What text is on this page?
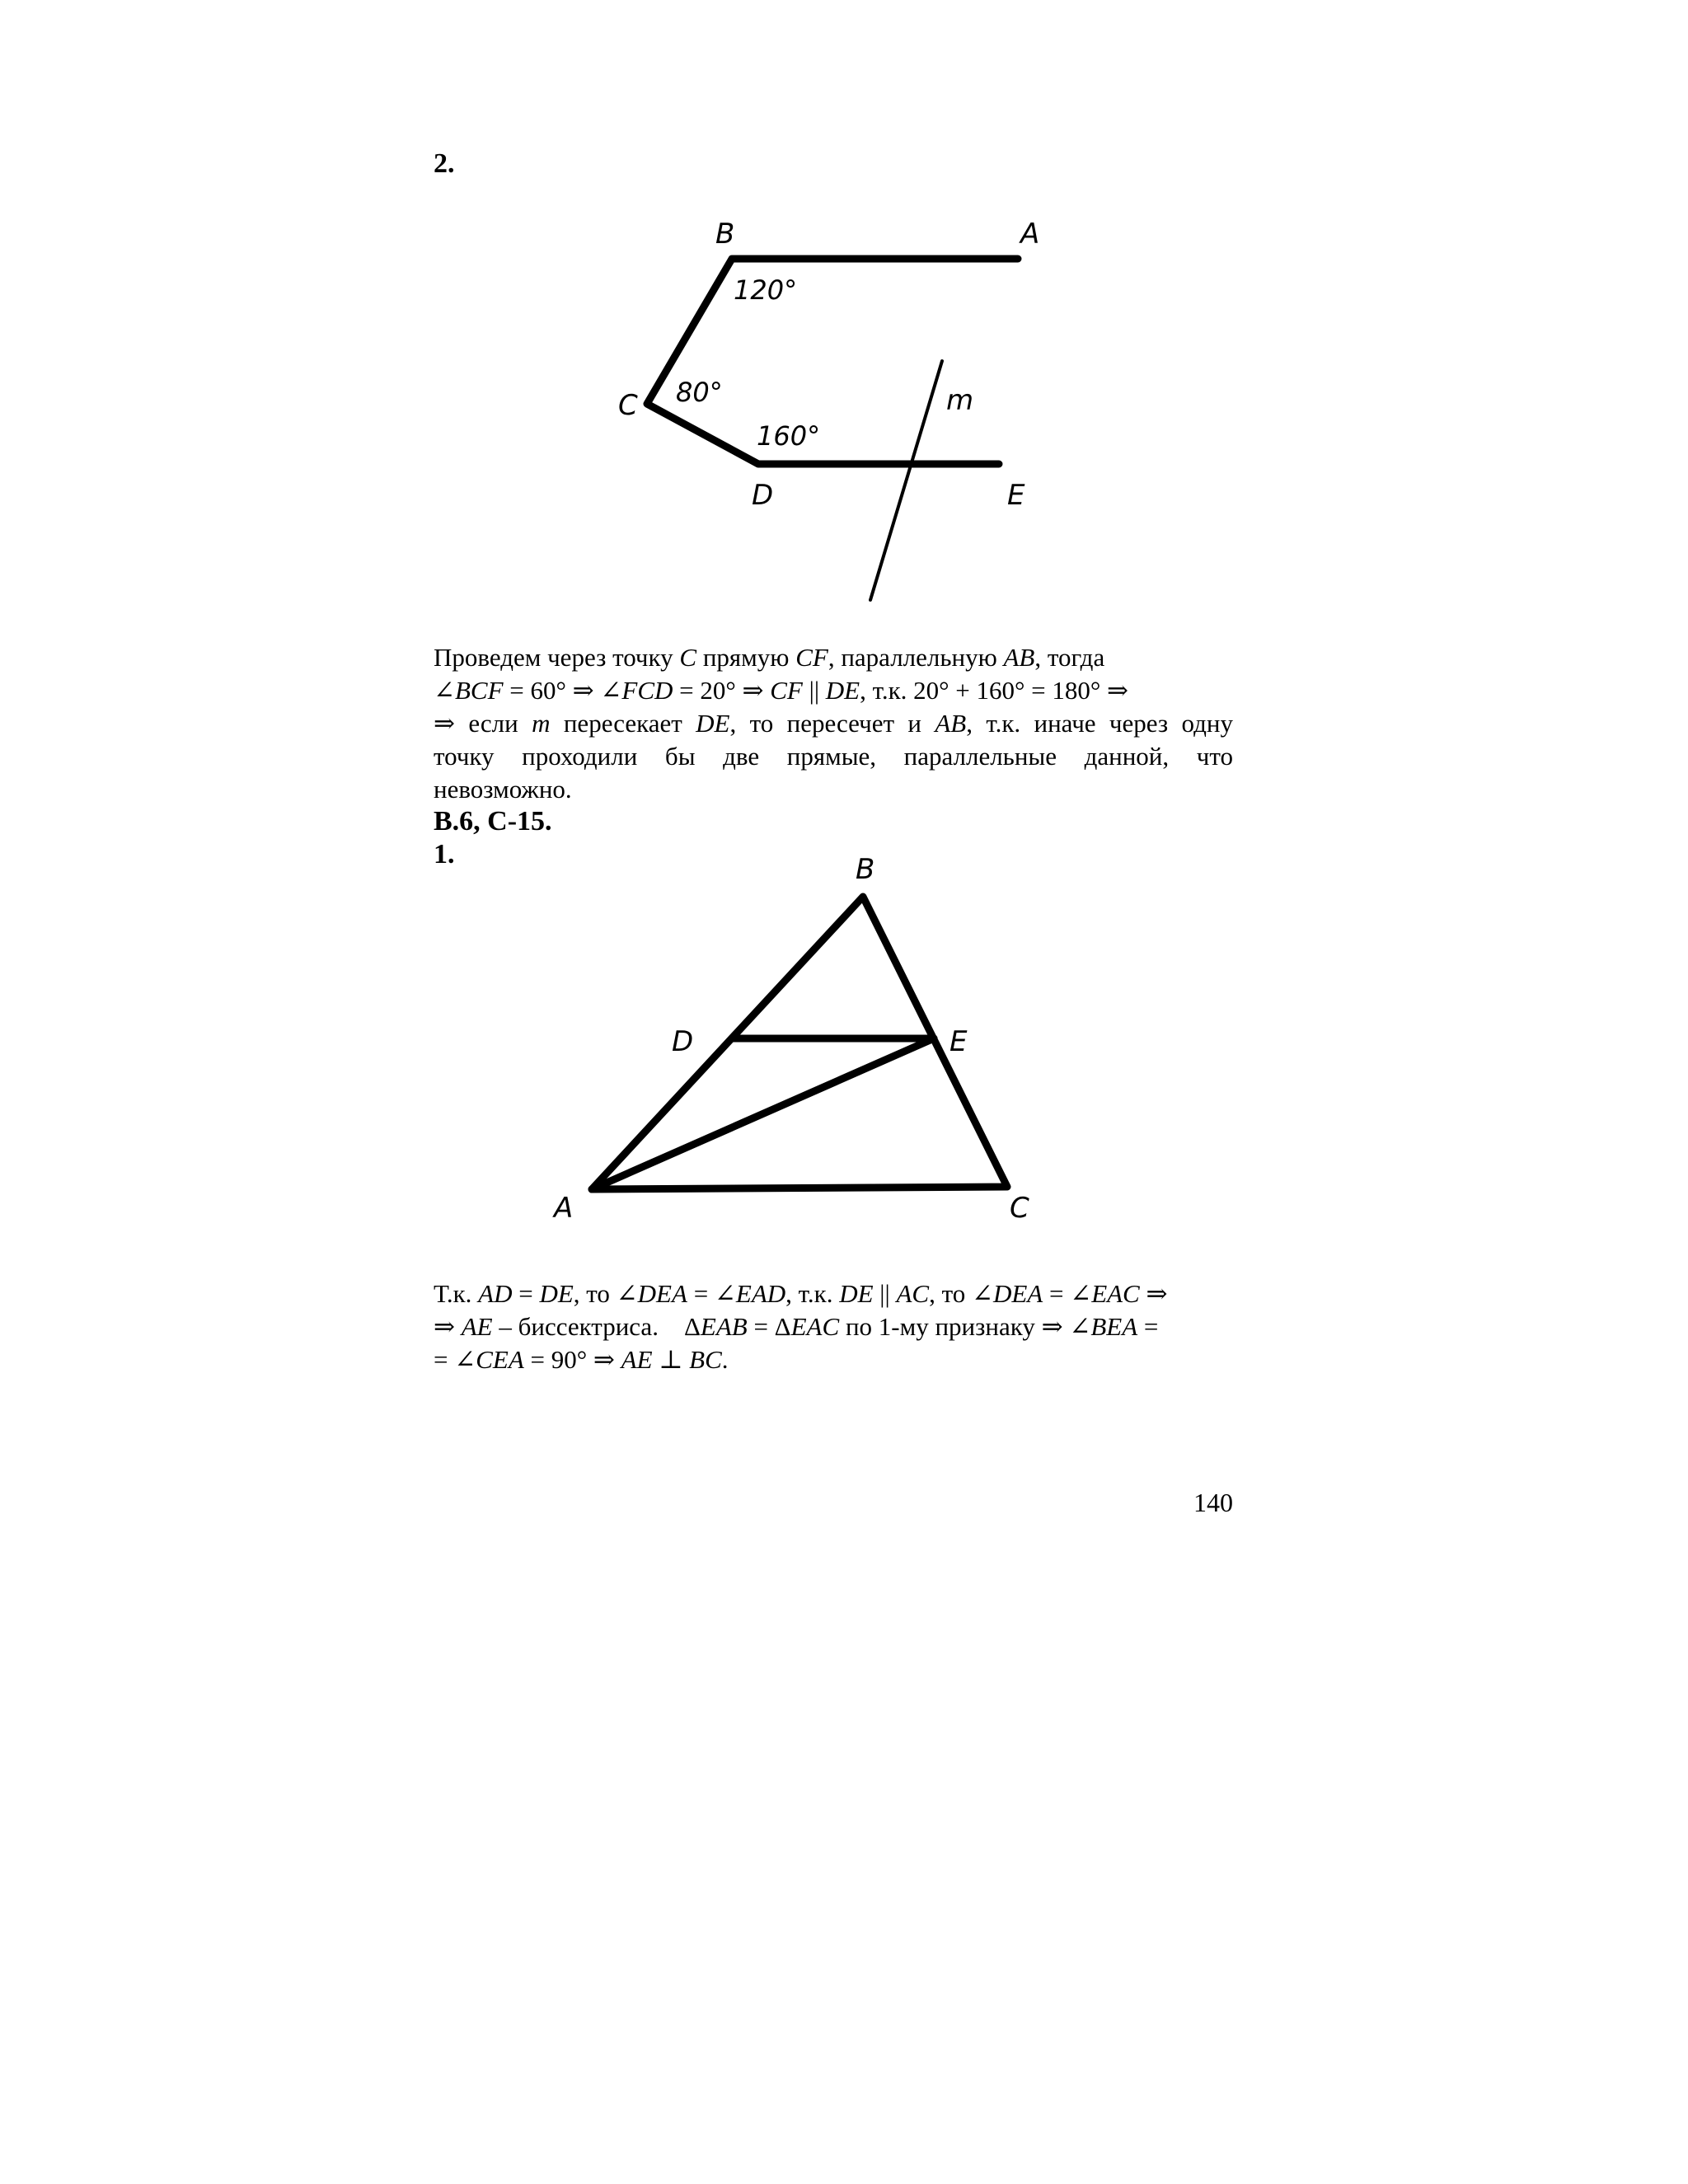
2.
B	A
C
D	E
m
120°
80°
160°
Проведем через точку C прямую CF, параллельную AB, тогда
∠BCF = 60° ⇒ ∠FCD = 20° ⇒ CF || DE, т.к. 20° + 160° = 180° ⇒
⇒ если m пересекает DE, то пересечет и AB, т.к. иначе через одну
точку проходили бы две прямые, параллельные данной, что
невозможно.
В.6, С-15.
1.	B
D	E
A	C
Т.к. AD = DE, то ∠DEA = ∠EAD, т.к. DE || AC, то ∠DEA = ∠EAC ⇒
⇒ AE – биссектриса.    ΔEAB = ΔEAC по 1-му признаку ⇒ ∠BEA =
= ∠CEA = 90° ⇒ AE ⊥ BC.
140
